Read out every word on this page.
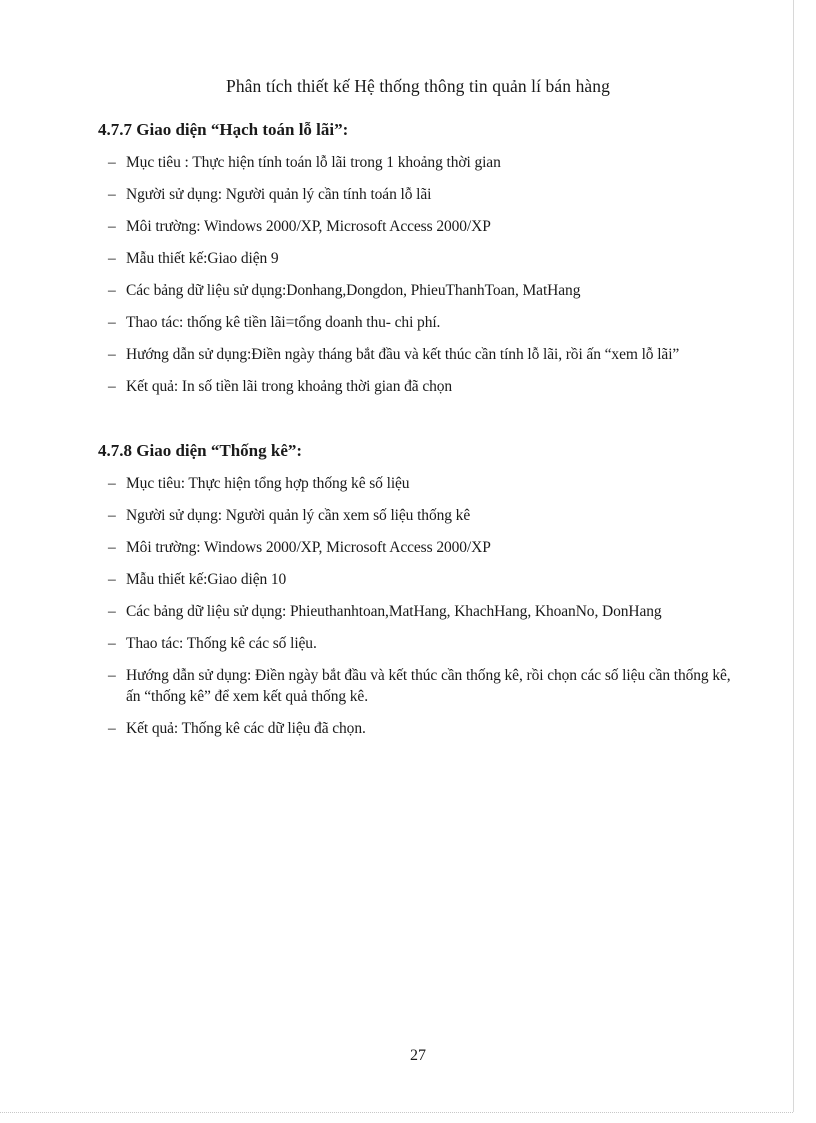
Phân tích thiết kế Hệ thống thông tin quản lí bán hàng
4.7.7 Giao diện “Hạch toán lỗ lãi”:
– Mục tiêu : Thực hiện tính toán lỗ lãi trong 1 khoảng thời gian
– Người sử dụng: Người quản lý cần tính toán lỗ lãi
– Môi trường: Windows 2000/XP, Microsoft Access 2000/XP
– Mẫu thiết kế:Giao diện 9
– Các bảng dữ liệu sử dụng:Donhang,Dongdon, PhieuThanhToan, MatHang
– Thao tác: thống kê tiền lãi=tổng doanh thu- chi phí.
– Hướng dẫn sử dụng:Điền ngày tháng bắt đầu và kết thúc cần tính lỗ lãi, rồi ấn “xem lỗ lãi”
– Kết quả: In số tiền lãi trong khoảng thời gian đã chọn
4.7.8 Giao diện “Thống kê”:
– Mục tiêu: Thực hiện tổng hợp thống kê số liệu
– Người sử dụng: Người quản lý cần xem số liệu thống kê
– Môi trường: Windows 2000/XP, Microsoft Access 2000/XP
– Mẫu thiết kế:Giao diện 10
– Các bảng dữ liệu sử dụng: Phieuthanhtoan,MatHang, KhachHang, KhoanNo, DonHang
– Thao tác: Thống kê các số liệu.
– Hướng dẫn sử dụng: Điền ngày bắt đầu và kết thúc cần thống kê, rồi chọn các số liệu cần thống kê, ấn “thống kê” để xem kết quả thống kê.
– Kết quả: Thống kê các dữ liệu đã chọn.
27
